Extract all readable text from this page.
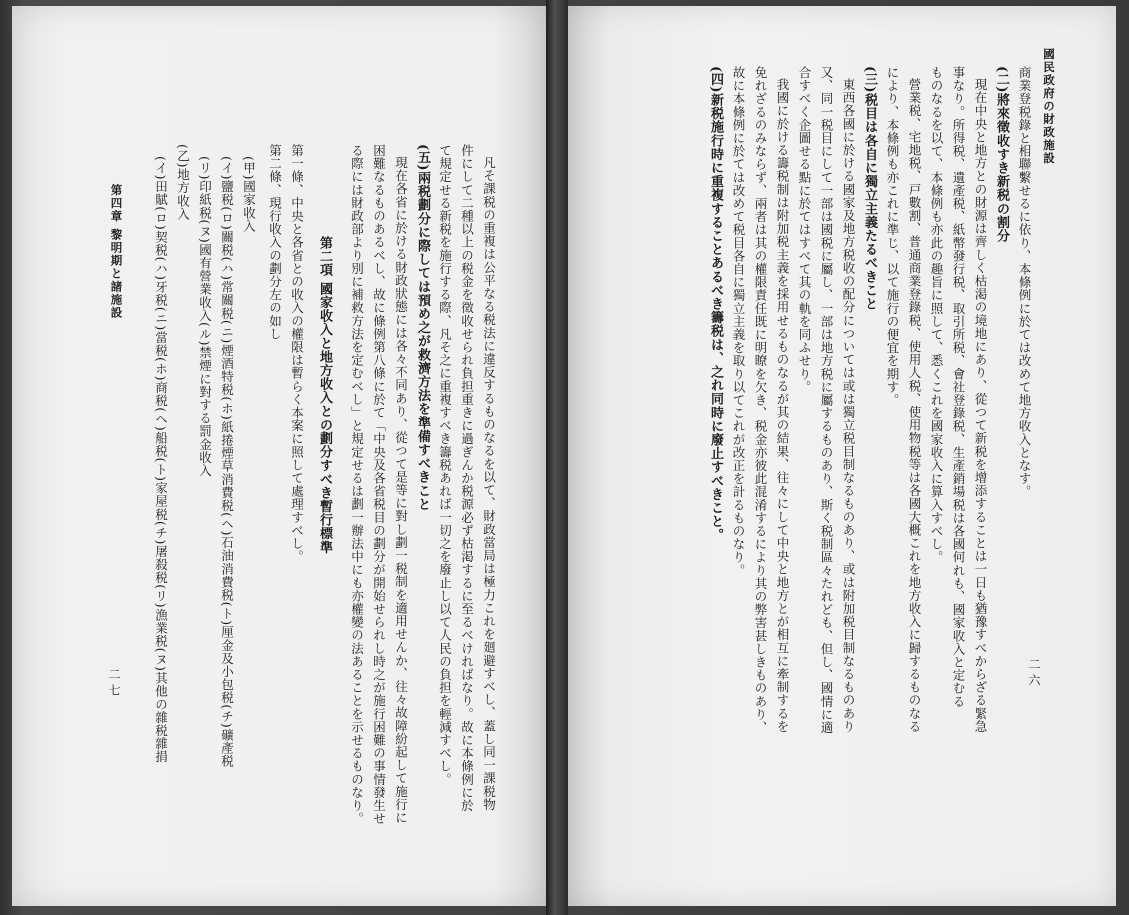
國民政府の財政施設
二六
商業登税錄と相聯繫せるに依り、本條例に於ては改めて地方收入となす。
(二)將來徵收すき新税の割分
現在中央と地方との財源は齊しく枯渇の境地にあり、從つて新税を增添することは一日も猶豫すべからざる緊急
事なり。所得税、遺產税、紙幣發行税、取引所税、會社登錄税、生產銷場税は各國何れも、國家收入と定むる
ものなるを以て、本條例も亦此の趣旨に照して、悉くこれを國家收入に算入すべし。
營業税、宅地税、戸數割、普通商業登錄税、使用人税、使用物税等は各國大概これを地方收入に歸するものなる
により、本條例も亦これに準じ、以て施行の便宜を期す。
(三)税目は各自に獨立主義たるべきこと
東西各國に於ける國家及地方税收の配分については或は獨立税目制なるものあり、或は附加税目制なるものあり
又、同一税目にして一部は國税に屬し、一部は地方税に屬するものあり、斯く税制區々たれども、但し、國情に適
合すべく企圖せる點に於てはすべて其の軌を同ふせり。
我國に於ける籌税制は附加税主義を採用せるものなるが其の結果、往々にして中央と地方とが相互に牽制するを
免れざるのみならず、兩者は其の權限責任既に明瞭を欠き、税金亦彼此混淆するにより其の弊害甚しきものあり、
故に本條例に於ては改めて税目各自に獨立主義を取り以てこれが改正を計るものなり。
(四)新税施行時に重複することあるべき籌税は、之れ同時に廢止すべきこと。
凡そ課税の重複は公平なる税法に違反するものなるを以て、財政當局は極力これを廻避すべし、蓋し同一課税物
件にして二種以上の税金を徵收せられ負担重きに過ぎんか税源必ず枯渇するに至るべければなり。故に本條例に於
て規定せる新税を施行する際、凡そ之に重複すべき籌税あれば一切之を廢止し以て人民の負担を輕減すべし。
(五)兩税劃分に際しては預め之が救濟方法を準備すべきこと
現在各省に於ける財政狀態には各々不同あり、從つて是等に對し劃一税制を適用せんか、往々故障紛起して施行に
困難なるものあるべし、故に條例第八條に於て「中央及各省税目の劃分が開始せられし時之が施行困難の事情發生せ
る際には財政部より別に補救方法を定むべし」と規定せるは劃一辦法中にも亦權變の法あることを示せるものなり。
第二項 國家收入と地方收入との劃分すべき暫行標準
第一條、中央と各省との收入の權限は暫らく本案に照して處理すべし。
第二條、現行收入の劃分左の如し
(甲)國家收入
(イ)鹽税(ロ)關税(ハ)常關税(ニ)煙酒特税(ホ)紙捲煙草消費税(ヘ)石油消費税(ト)厘金及小包税(チ)礦產税
(リ)印紙税(ヌ)國有營業收入(ル)禁煙に對する罰金收入
(乙)地方收入
(イ)田賦(ロ)契税(ハ)牙税(ニ)當税(ホ)商税(ヘ)船税(ト)家屋税(チ)屠殺税(リ)漁業税(ヌ)其他の雜税雜捐
第四章 黎明期と諸施設
二七
